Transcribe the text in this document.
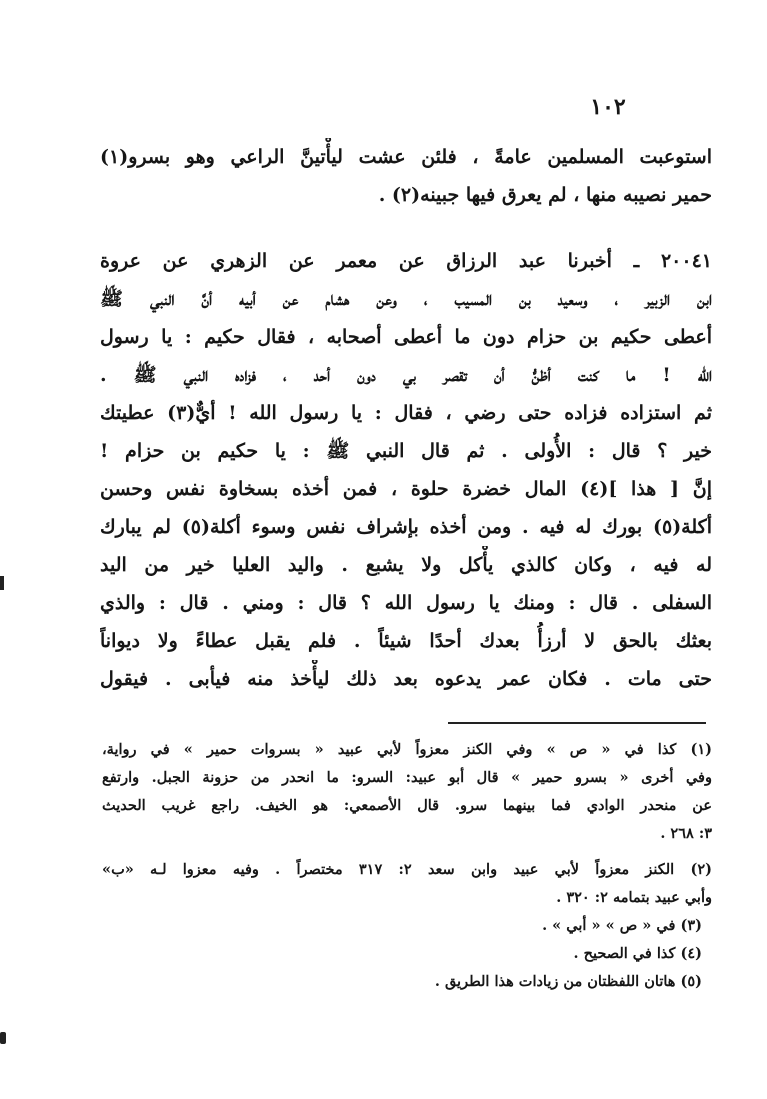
١٠٢
استوعبت المسلمين عامةً ، فلئن عشت ليأْتينَّ الراعي وهو بسرو(١)
حمير نصيبه منها ، لم يعرق فيها جبينه(٢) .
٢٠٠٤١ ـ أخبرنا عبد الرزاق عن معمر عن الزهري عن عروة
ابن الزبير ، وسعيد بن المسيب ، وعن هشام عن أبيه أنَّ النبي ﷺ
أعطى حكيم بن حزام دون ما أعطى أصحابه ، فقال حكيم : يا رسول
الله ! ما كنت أظنُّ أن تقصر بي دون أحد ، فزاده النبي ﷺ .
ثم استزاده فزاده حتى رضي ، فقال : يا رسول الله ! أيٌّ(٣) عطيتك
خير ؟ قال : الأُولى . ثم قال النبي ﷺ : يا حكيم بن حزام !
إنَّ [ هذا ](٤) المال خضرة حلوة ، فمن أخذه بسخاوة نفس وحسن
أكلة(٥) بورك له فيه . ومن أخذه بإشراف نفس وسوء أكلة(٥) لم يبارك
له فيه ، وكان كالذي يأْكل ولا يشبع . واليد العليا خير من اليد
السفلى . قال : ومنك يا رسول الله ؟ قال : ومني . قال : والذي
بعثك بالحق لا أرزأُ بعدك أحدًا شيئاً . فلم يقبل عطاءً ولا ديواناً
حتى مات . فكان عمر يدعوه بعد ذلك ليأْخذ منه فيأبى . فيقول
(١) كذا في « ص » وفي الكنز معزواً لأبي عبيد « بسروات حمير » في رواية،
وفي أخرى « بسرو حمير » قال أبو عبيد: السرو: ما انحدر من حزونة الجبل. وارتفع
عن منحدر الوادي فما بينهما سرو. قال الأصمعي: هو الخيف. راجع غريب الحديث
٣: ٢٦٨ .
(٢) الكنز معزواً لأبي عبيد وابن سعد ٢: ٣١٧ مختصراً . وفيه معزوا لـه «ب»
وأبي عبيد بتمامه ٢: ٣٢٠ .
(٣) في « ص » « أبي » .
(٤) كذا في الصحيح .
(٥) هاتان اللفظتان من زيادات هذا الطريق .
